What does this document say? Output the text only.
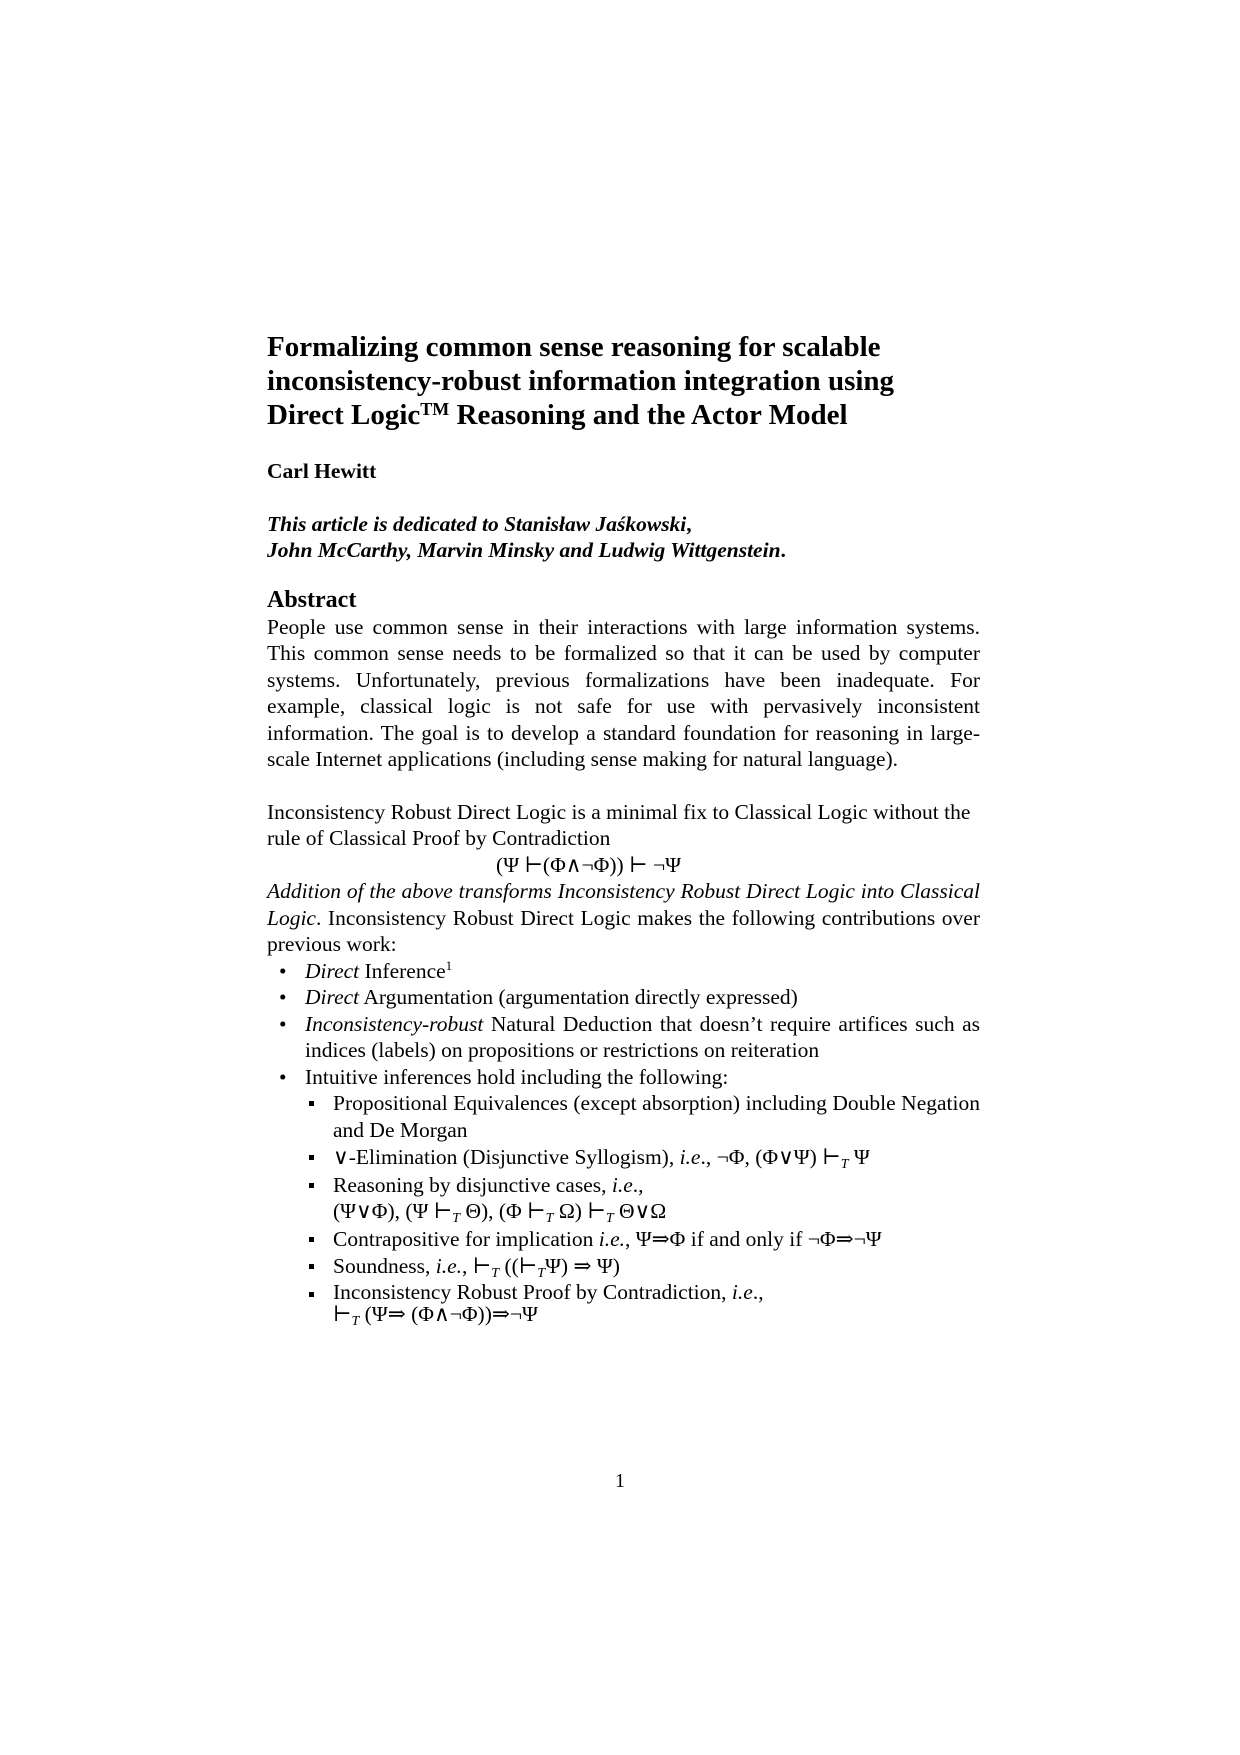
Formalizing common sense reasoning for scalable
inconsistency-robust information integration using
Direct Logic™ Reasoning and the Actor Model
Carl Hewitt
This article is dedicated to Stanisław Jaśkowski,
John McCarthy, Marvin Minsky and Ludwig Wittgenstein.
Abstract

People use common sense in their interactions with large information systems. This common sense needs to be formalized so that it can be used by computer systems. Unfortunately, previous formalizations have been inadequate. For example, classical logic is not safe for use with pervasively inconsistent information. The goal is to develop a standard foundation for reasoning in large-scale Internet applications (including sense making for natural language).

Inconsistency Robust Direct Logic is a minimal fix to Classical Logic without the rule of Classical Proof by Contradiction

(Ψ ⊢(Φ∧¬Φ)) ⊢ ¬Ψ

Addition of the above transforms Inconsistency Robust Direct Logic into Classical Logic. Inconsistency Robust Direct Logic makes the following contributions over previous work:

• Direct Inference$^1$
• Direct Argumentation (argumentation directly expressed)
• Inconsistency-robust Natural Deduction that doesn’t require artifices such as indices (labels) on propositions or restrictions on reiteration
• Intuitive inferences hold including the following:
Propositional Equivalences (except absorption) including Double Negation and De Morgan
∨-Elimination (Disjunctive Syllogism), i.e., ¬Φ, (Φ∨Ψ) $⊢_T$ Ψ
Reasoning by disjunctive cases, i.e.,
(Ψ∨Φ), (Ψ $⊢_T$ Θ), (Φ $⊢_T$ Ω) $⊢_T$ Θ∨Ω
Contrapositive for implication i.e., Ψ⇒Φ if and only if ¬Φ⇒¬Ψ
Soundness, i.e., $⊢_T$ ($(⊢_T\Psi)$ ⇒ Ψ)
Inconsistency Robust Proof by Contradiction, i.e.,
$⊢_T$ (Ψ⇒ (Φ∧¬Φ))⇒¬Ψ
1
